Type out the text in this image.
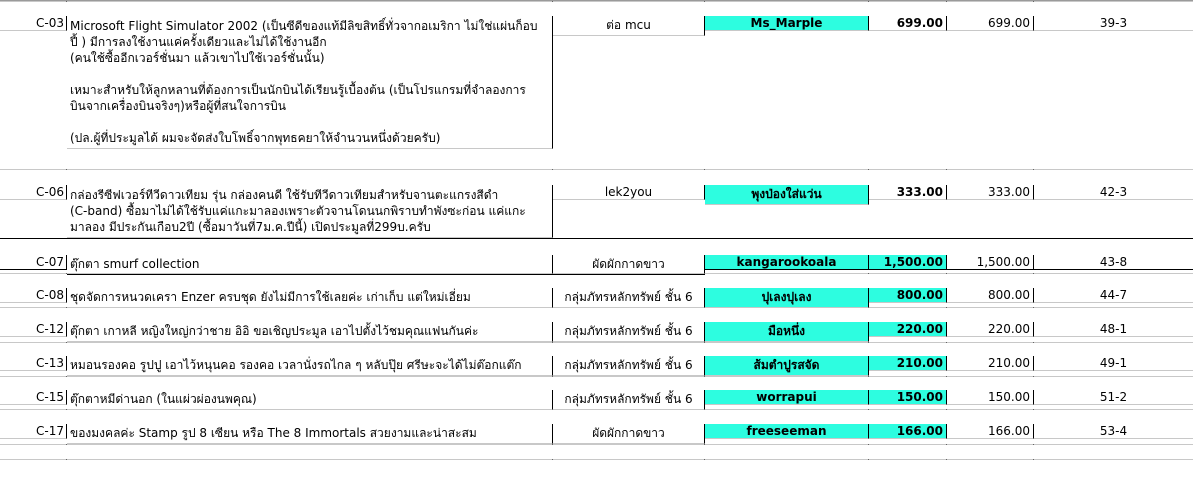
C-03 Microsoft Flight Simulator 2002 (เป็นซีดีของแท้มีลิขสิทธิ์ทั่วจากอเมริกา ไม่ใช่แผ่นก็อบ
ปี้ ) มีการลงใช้งานแค่ครั้งเดียวและไม่ได้ใช้งานอีก
(คนใช้ซื้ออีกเวอร์ชั่นมา แล้วเขาไปใช้เวอร์ชั่นนั้น)
เหมาะสำหรับให้ลูกหลานที่ต้องการเป็นนักบินได้เรียนรู้เบื้องต้น (เป็นโปรแกรมที่จำลองการ
บินจากเครื่องบินจริงๆ)หรือผู้ที่สนใจการบิน
(ปล.ผู้ที่ประมูลได้ ผมจะจัดส่งใบโพธิ์จากพุทธคยาให้จำนวนหนึ่งด้วยครับ)
ต่อ mcu	Ms_Marple	699.00	699.00	39-3
C-06 กล่องรีซีฟเวอร์ทีวีดาวเทียม รุ่น กล่องคนดี ใช้รับทีวีดาวเทียมสำหรับจานตะแกรงสีดำ
(C-band) ซื้อมาไม่ได้ใช้รับแค่แกะมาลองเพราะตัวจานโดนนกพิราบทำพังซะก่อน แค่แกะ
มาลอง มีประกันเกือบ2ปี (ซื้อมาวันที่7ม.ค.ปีนี้) เปิดประมูลที่299บ.ครับ
lek2you	พุงป่องใส่แว่น	333.00	333.00	42-3
C-07 ตุ๊กตา smurf collection	ผัดผักกาดขาว	kangarookoala	1,500.00	1,500.00	43-8
C-08 ชุดจัดการหนวดเครา Enzer ครบชุด ยังไม่มีการใช้เลยค่ะ เก่าเก็บ แต่ใหม่เอี่ยม	กลุ่มภัทรหลักทรัพย์ ชั้น 6	ปุเลงปุเลง	800.00	800.00	44-7
C-12 ตุ๊กตา เกาหลี หญิงใหญ่กว่าชาย อิอิ ขอเชิญประมูล เอาไปตั้งไว้ชมคุณแฟนกันค่ะ	กลุ่มภัทรหลักทรัพย์ ชั้น 6	มือหนึ่ง	220.00	220.00	48-1
C-13 หมอนรองคอ รูปปู เอาไว้หนุนคอ รองคอ เวลานั่งรถไกล ๆ หลับปุ๊ย ศรีษะจะได้ไม่ต๊อกแต๊ก	กลุ่มภัทรหลักทรัพย์ ชั้น 6	ส้มตำปูรสจัด	210.00	210.00	49-1
C-15 ตุ๊กตาหมีด่านอก (ในแผ่วผ่องนพคุณ)	กลุ่มภัทรหลักทรัพย์ ชั้น 6	worrapui	150.00	150.00	51-2
C-17 ของมงคลค่ะ Stamp รูป 8 เซียน หรือ The 8 Immortals สวยงามและน่าสะสม	ผัดผักกาดขาว	freeseeman	166.00	166.00	53-4
